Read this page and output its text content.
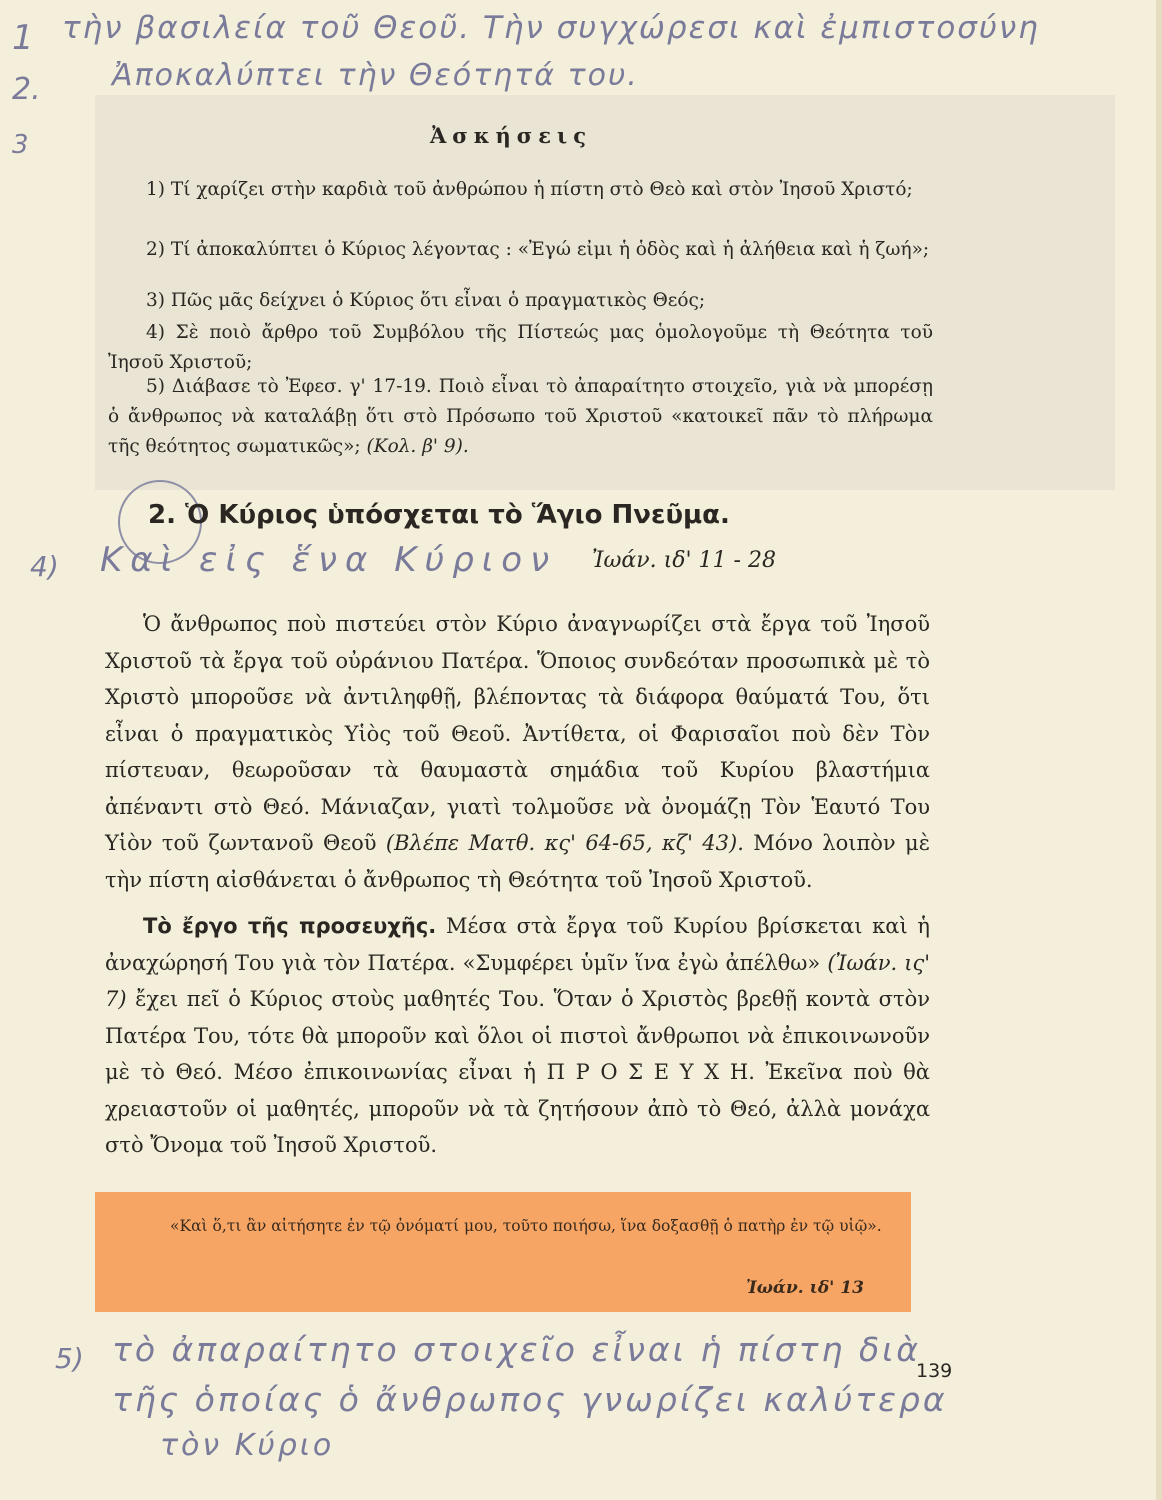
1 τὴν βασιλεία τοῦ Θεοῦ. Τὴν συγχώρεσι καὶ ἐμπιστοσύνη
2. Ἀποκαλύπτει τὴν Θεότητά του.
3	Ἀσκήσεις
1) Τί χαρίζει στὴν καρδιὰ τοῦ ἀνθρώπου ἡ πίστη στὸ Θεὸ καὶ στὸν Ἰησοῦ Χριστό;
2) Τί ἀποκαλύπτει ὁ Κύριος λέγοντας : «Ἐγώ εἰμι ἡ ὁδὸς καὶ ἡ ἀλήθεια καὶ ἡ ζωή»;
3) Πῶς μᾶς δείχνει ὁ Κύριος ὅτι εἶναι ὁ πραγματικὸς Θεός;
4) Σὲ ποιὸ ἄρθρο τοῦ Συμβόλου τῆς Πίστεώς μας ὁμολογοῦμε τὴ Θεότητα τοῦ Ἰησοῦ Χριστοῦ;
5) Διάβασε τὸ Ἐφεσ. γ' 17-19. Ποιὸ εἶναι τὸ ἀπαραίτητο στοιχεῖο, γιὰ νὰ μπορέσῃ ὁ ἄνθρωπος νὰ καταλάβῃ ὅτι στὸ Πρόσωπο τοῦ Χριστοῦ «κατοικεῖ πᾶν τὸ πλήρωμα τῆς θεότητος σωματικῶς»; (Κολ. β' 9).
2. Ὁ Κύριος ὑπόσχεται τὸ Ἅγιο Πνεῦμα.
Ἰωάν. ιδ' 11 - 28
4) Καὶ εἰς ἕνα Κύριον
Ὁ ἄνθρωπος ποὺ πιστεύει στὸν Κύριο ἀναγνωρίζει στὰ ἔργα τοῦ Ἰησοῦ Χριστοῦ τὰ ἔργα τοῦ οὐράνιου Πατέρα. Ὅποιος συνδεόταν προσωπικὰ μὲ τὸ Χριστὸ μποροῦσε νὰ ἀντιληφθῇ, βλέποντας τὰ διάφορα θαύματά Του, ὅτι εἶναι ὁ πραγματικὸς Υἱὸς τοῦ Θεοῦ. Ἀντίθετα, οἱ Φαρισαῖοι ποὺ δὲν Τὸν πίστευαν, θεωροῦσαν τὰ θαυμαστὰ σημάδια τοῦ Κυρίου βλαστήμια ἀπέναντι στὸ Θεό. Μάνιαζαν, γιατὶ τολμοῦσε νὰ ὀνομάζῃ Τὸν Ἑαυτό Του Υἱὸν τοῦ ζωντανοῦ Θεοῦ (Βλέπε Ματθ. κς' 64-65, κζ' 43). Μόνο λοιπὸν μὲ τὴν πίστη αἰσθάνεται ὁ ἄνθρωπος τὴ Θεότητα τοῦ Ἰησοῦ Χριστοῦ.
Τὸ ἔργο τῆς προσευχῆς. Μέσα στὰ ἔργα τοῦ Κυρίου βρίσκεται καὶ ἡ ἀναχώρησή Του γιὰ τὸν Πατέρα. «Συμφέρει ὑμῖν ἵνα ἐγὼ ἀπέλθω» (Ἰωάν. ις' 7) ἔχει πεῖ ὁ Κύριος στοὺς μαθητές Του. Ὅταν ὁ Χριστὸς βρεθῇ κοντὰ στὸν Πατέρα Του, τότε θὰ μποροῦν καὶ ὅλοι οἱ πιστοὶ ἄνθρωποι νὰ ἐπικοινωνοῦν μὲ τὸ Θεό. Μέσο ἐπικοινωνίας εἶναι ἡ Π Ρ Ο Σ Ε Υ Χ Η. Ἐκεῖνα ποὺ θὰ χρειαστοῦν οἱ μαθητές, μποροῦν νὰ τὰ ζητήσουν ἀπὸ τὸ Θεό, ἀλλὰ μονάχα στὸ Ὄνομα τοῦ Ἰησοῦ Χριστοῦ.
«Καὶ ὅ,τι ἂν αἰτήσητε ἐν τῷ ὀνόματί μου, τοῦτο ποιήσω, ἵνα δοξασθῇ ὁ πατὴρ ἐν τῷ υἱῷ».
Ἰωάν. ιδ' 13
5) τὸ ἀπαραίτητο στοιχεῖο εἶναι ἡ πίστη διὰ
τῆς ὁποίας ὁ ἄνθρωπος γνωρίζει καλύτερα
τὸν Κύριο
139
